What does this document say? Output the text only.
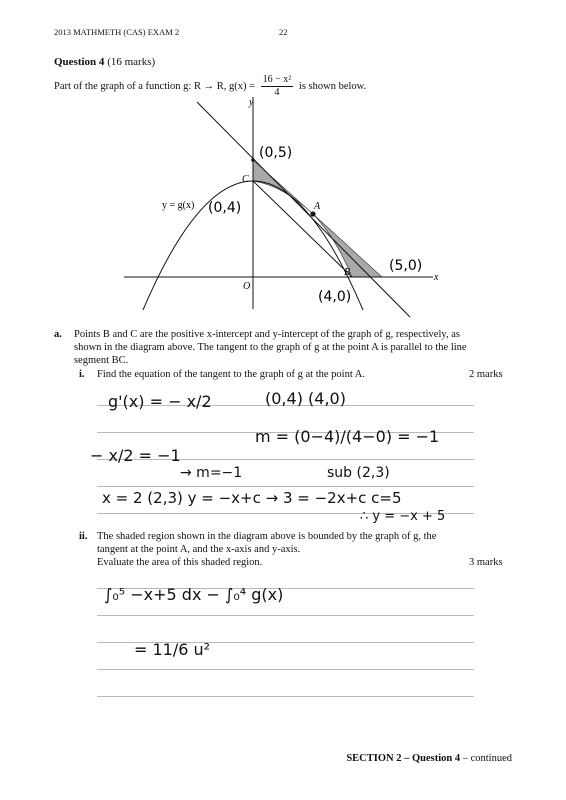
2013 MATHMETH (CAS) EXAM 2	22
Question 4 (16 marks)
Part of the graph of a function g: R → R, $g(x) = \frac{\text{16 − x²}}{4}$ is shown below.
y
x
O
C
A
B
y = g(x)
(0,5)
(0,4)
(4,0)
(5,0)
a. Points B and C are the positive x-intercept and y-intercept of the graph of g, respectively, as
shown in the diagram above. The tangent to the graph of g at the point A is parallel to the line
segment BC.
i. Find the equation of the tangent to the graph of g at the point A.	2 marks
g'(x) = − x/2	(0,4) (4,0)
m = (0−4)/(4−0) = −1
− x/2 = −1
→ m=−1	sub (2,3)
x = 2 (2,3) y = −x+c → 3 = −2x+c c=5
∴ y = −x + 5
ii. The shaded region shown in the diagram above is bounded by the graph of g, the
tangent at the point A, and the x-axis and y-axis.
Evaluate the area of this shaded region.	3 marks
∫₀⁵ −x+5 dx − ∫₀⁴ g(x)
= 11/6 u²
SECTION 2 – Question 4 – continued
